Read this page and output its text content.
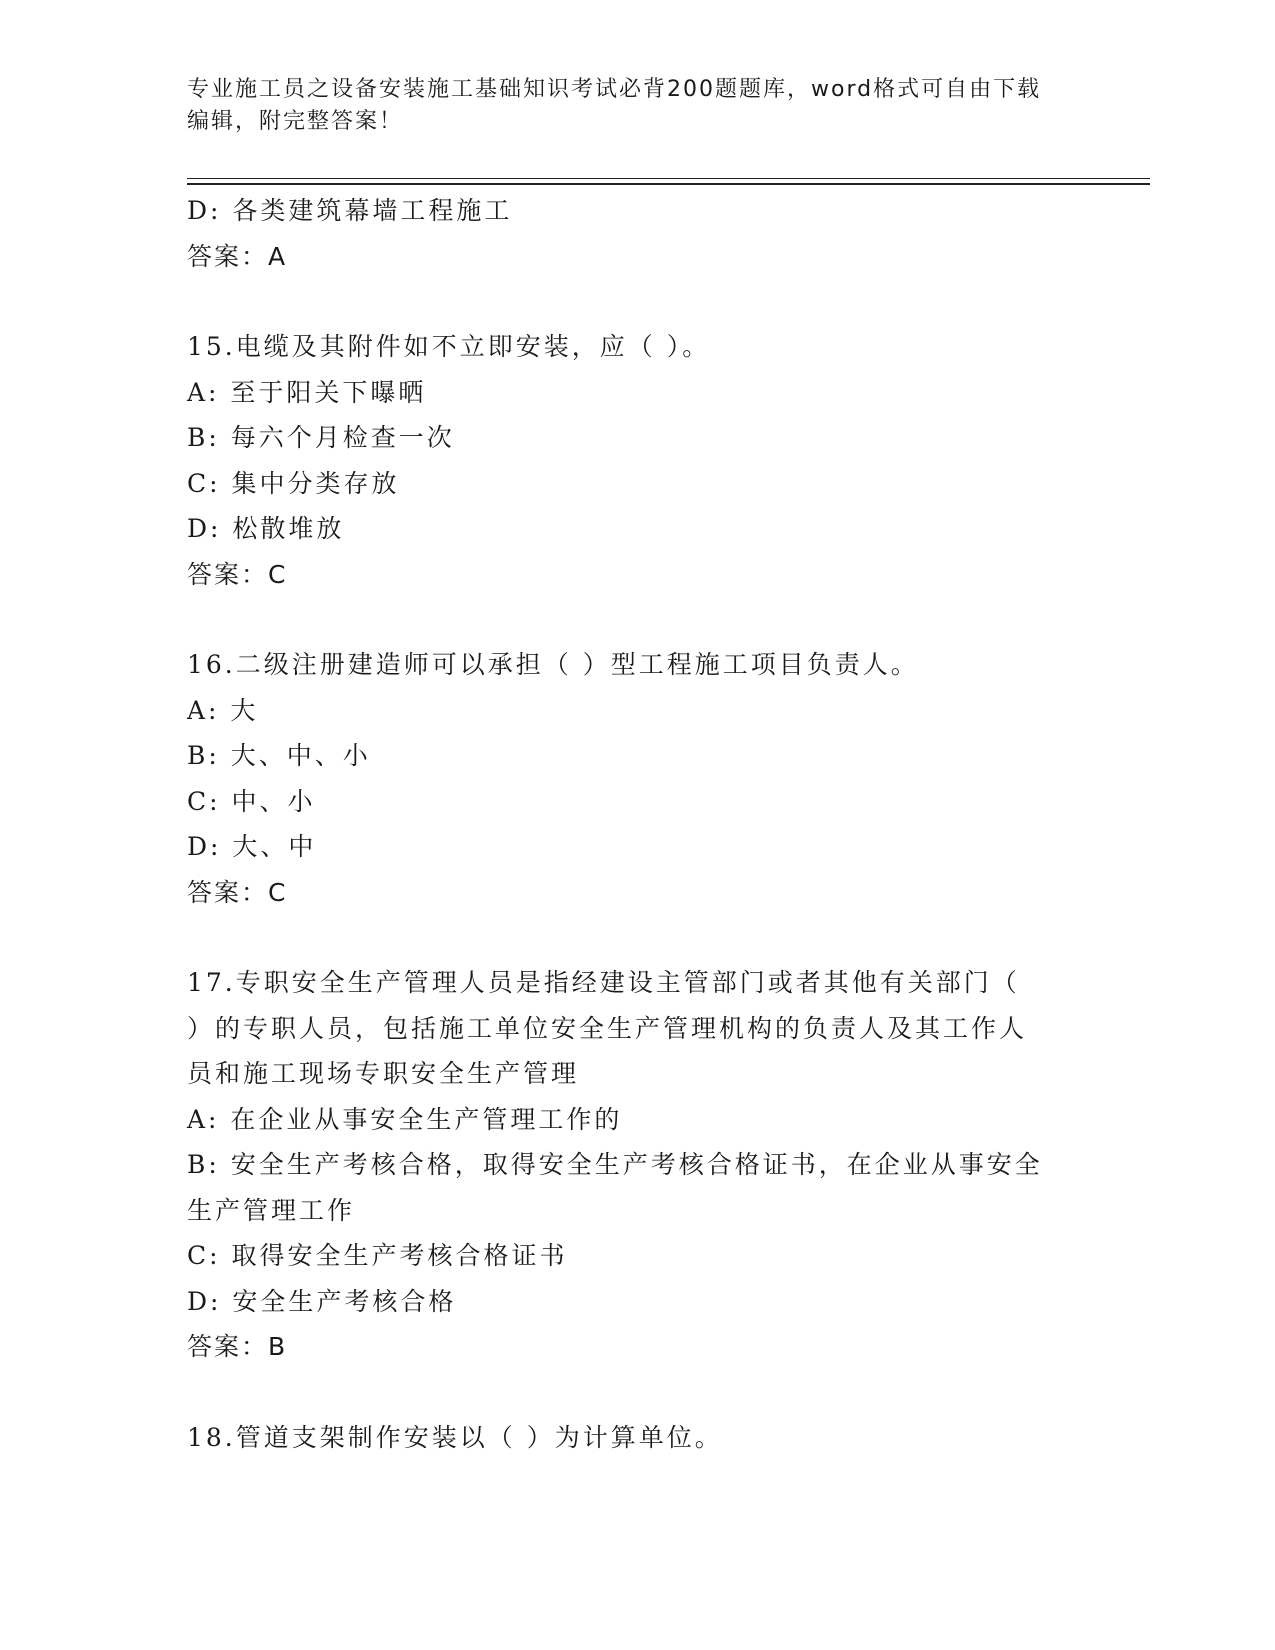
专业施工员之设备安装施工基础知识考试必背200题题库，word格式可自由下载
编辑，附完整答案！
D: 各类建筑幕墙工程施工
答案：A
15.电缆及其附件如不立即安装，应（ ）。
A: 至于阳关下曝晒
B: 每六个月检查一次
C: 集中分类存放
D: 松散堆放
答案：C
16.二级注册建造师可以承担（ ）型工程施工项目负责人。
A: 大
B: 大、中、小
C: 中、小
D: 大、中
答案：C
17.专职安全生产管理人员是指经建设主管部门或者其他有关部门（
）的专职人员，包括施工单位安全生产管理机构的负责人及其工作人
员和施工现场专职安全生产管理
A: 在企业从事安全生产管理工作的
B: 安全生产考核合格，取得安全生产考核合格证书，在企业从事安全
生产管理工作
C: 取得安全生产考核合格证书
D: 安全生产考核合格
答案：B
18.管道支架制作安装以（ ）为计算单位。
